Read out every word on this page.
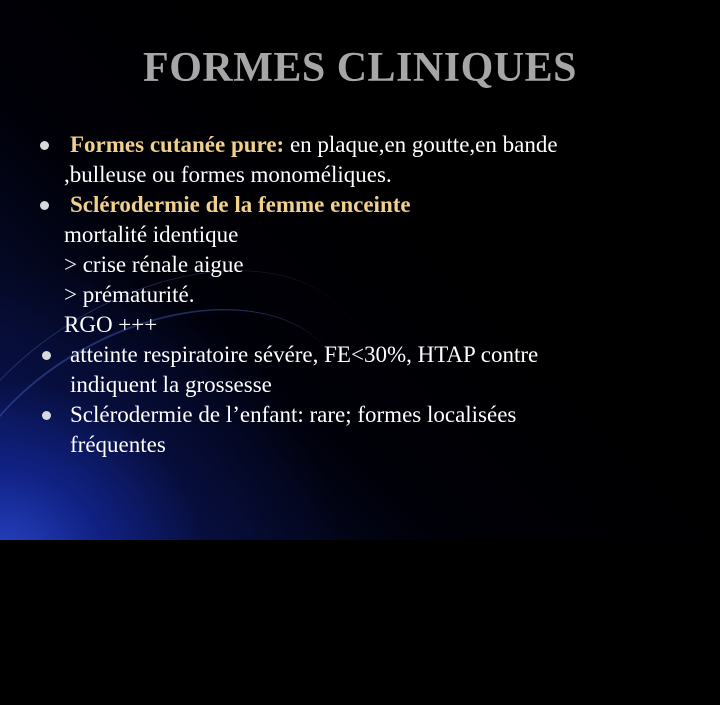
FORMES CLINIQUES
Formes cutanée pure: en plaque,en goutte,en bande
,bulleuse ou formes monoméliques.
Sclérodermie de la femme enceinte
mortalité identique
> crise rénale aigue
> prématurité.
RGO +++
atteinte respiratoire sévére, FE<30%, HTAP contre
indiquent la grossesse
Sclérodermie de l’enfant: rare; formes localisées
fréquentes
